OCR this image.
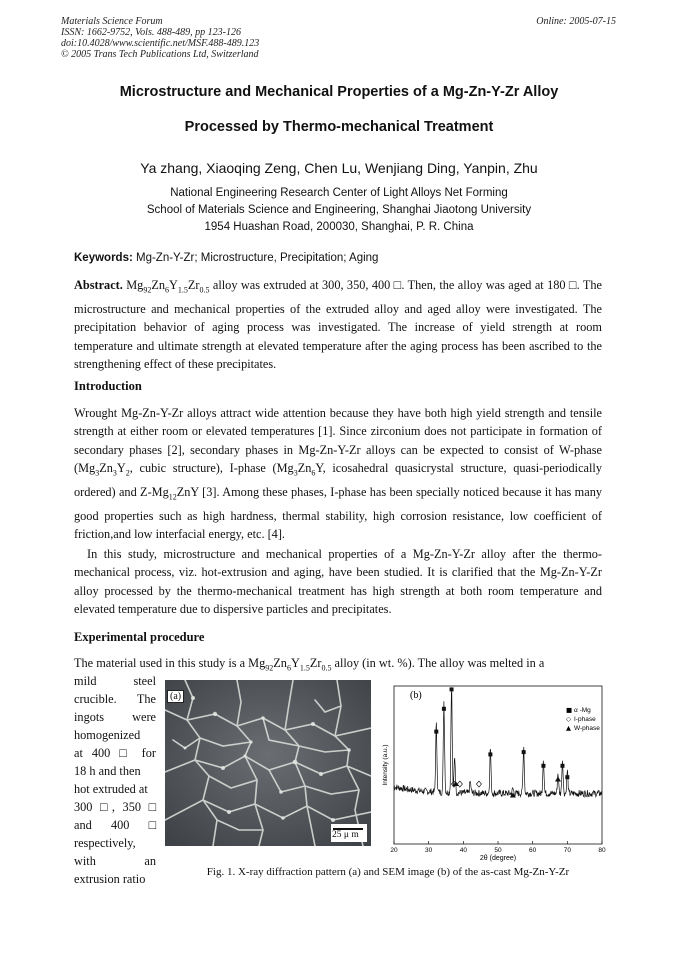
Materials Science Forum	Online: 2005-07-15
ISSN: 1662-9752, Vols. 488-489, pp 123-126
doi:10.4028/www.scientific.net/MSF.488-489.123
© 2005 Trans Tech Publications Ltd, Switzerland
Microstructure and Mechanical Properties of a Mg-Zn-Y-Zr Alloy
Processed by Thermo-mechanical Treatment
Ya zhang, Xiaoqing Zeng, Chen Lu, Wenjiang Ding, Yanpin, Zhu
National Engineering Research Center of Light Alloys Net Forming
School of Materials Science and Engineering, Shanghai Jiaotong University
1954 Huashan Road, 200030, Shanghai, P. R. China
Keywords: Mg-Zn-Y-Zr; Microstructure, Precipitation; Aging
Abstract. $Mg_{92}Zn_6Y_{1.5}Zr_{0.5}$ alloy was extruded at 300, 350, 400 □. Then, the alloy was aged at 180 □. The microstructure and mechanical properties of the extruded alloy and aged alloy were investigated. The precipitation behavior of aging process was investigated. The increase of yield strength at room temperature and ultimate strength at elevated temperature after the aging process has been ascribed to the strengthening effect of these precipitates.
Introduction
Wrought Mg-Zn-Y-Zr alloys attract wide attention because they have both high yield strength and tensile strength at either room or elevated temperatures [1]. Since zirconium does not participate in formation of secondary phases [2], secondary phases in Mg-Zn-Y-Zr alloys can be expected to consist of W-phase ($Mg_3Zn_3Y_2$, cubic structure), I-phase ($Mg_3Zn_6Y$, icosahedral quasicrystal structure, quasi-periodically ordered) and $Z-Mg_{12}ZnY$ [3]. Among these phases, I-phase has been specially noticed because it has many good properties such as high hardness, thermal stability, high corrosion resistance, low coefficient of friction,and low interfacial energy, etc. [4].
In this study, microstructure and mechanical properties of a Mg-Zn-Y-Zr alloy after the thermo-mechanical process, viz. hot-extrusion and aging, have been studied. It is clarified that the Mg-Zn-Y-Zr alloy processed by the thermo-mechanical treatment has high strength at both room temperature and elevated temperature due to dispersive particles and precipitates.
Experimental procedure
The material used in this study is a $Mg_{92}Zn_6Y_{1.5}Zr_{0.5}$ alloy (in wt. %). The alloy was melted in a
mild steel
crucible. The
ingots were
homogenized
at 400 □ for
18 h and then
hot extruded at
300 □, 350 □
and 400 □
respectively,
with an
extrusion ratio
(a)
25 μ m
20	30	40	50	60	70	80
2θ (degree)
Intensity (a.u.)
(b)
■ α -Mg
◇ I-phase
▲ W-phase
Fig. 1. X-ray diffraction pattern (a) and SEM image (b) of the as-cast Mg-Zn-Y-Zr
